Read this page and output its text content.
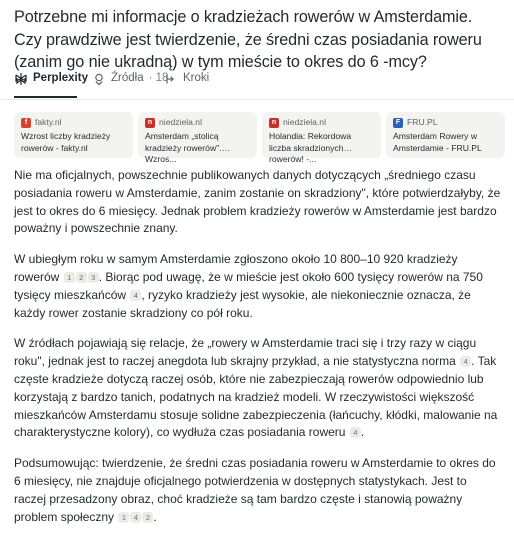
Potrzebne mi informacje o kradzieżach rowerów w Amsterdamie. Czy prawdziwe jest twierdzenie, że średni czas posiadania roweru (zanim go nie ukradną) w tym mieście to okres do 6 -mcy?
Perplexity Źródła · 18 Kroki
f fakty.nl
Wzrost liczby kradzieży rowerów - fakty.nl
n niedziela.nl
Amsterdam „stolicą kradzieży rowerów". Wzros...
n niedziela.nl
Holandia: Rekordowa liczba skradzionych rowerów! -...
F FRU.PL
Amsterdam Rowery w Amsterdamie - FRU.PL

Nie ma oficjalnych, powszechnie publikowanych danych dotyczących „średniego czasu posiadania roweru w Amsterdamie, zanim zostanie on skradziony", które potwierdzałyby, że jest to okres do 6 miesięcy. Jednak problem kradzieży rowerów w Amsterdamie jest bardzo poważny i powszechnie znany.

W ubiegłym roku w samym Amsterdamie zgłoszono około 10 800–10 920 kradzieży rowerów 1 2 3 . Biorąc pod uwagę, że w mieście jest około 600 tysięcy rowerów na 750 tysięcy mieszkańców 4 , ryzyko kradzieży jest wysokie, ale niekoniecznie oznacza, że każdy rower zostanie skradziony co pół roku.

W źródłach pojawiają się relacje, że „rowery w Amsterdamie traci się i trzy razy w ciągu roku", jednak jest to raczej anegdota lub skrajny przykład, a nie statystyczna norma 4 . Tak częste kradzieże dotyczą raczej osób, które nie zabezpieczają rowerów odpowiednio lub korzystają z bardzo tanich, podatnych na kradzież modeli. W rzeczywistości większość mieszkańców Amsterdamu stosuje solidne zabezpieczenia (łańcuchy, kłódki, malowanie na charakterystyczne kolory), co wydłuża czas posiadania roweru 4 .

Podsumowując: twierdzenie, że średni czas posiadania roweru w Amsterdamie to okres do 6 miesięcy, nie znajduje oficjalnego potwierdzenia w dostępnych statystykach. Jest to raczej przesadzony obraz, choć kradzieże są tam bardzo częste i stanowią poważny problem społeczny 1 4 2 .
